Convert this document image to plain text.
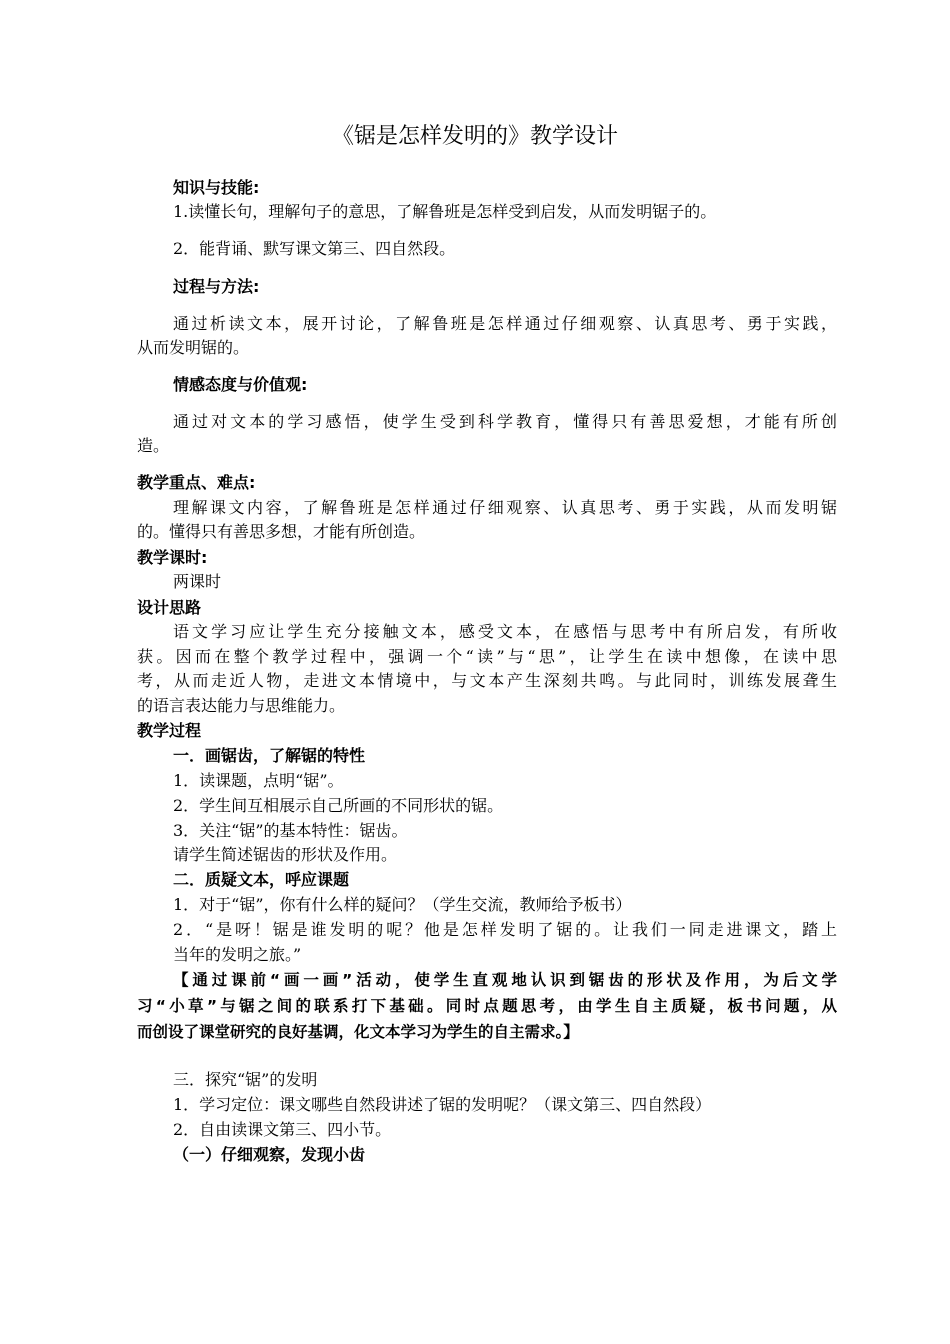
《锯是怎样发明的》教学设计
知识与技能:
1.读懂长句，理解句子的意思，了解鲁班是怎样受到启发，从而发明锯子的。
2．能背诵、默写课文第三、四自然段。
过程与方法:
通过析读文本，展开讨论，了解鲁班是怎样通过仔细观察、认真思考、勇于实践，
从而发明锯的。
情感态度与价值观:
通过对文本的学习感悟，使学生受到科学教育，懂得只有善思爱想，才能有所创
造。
教学重点、难点:
理解课文内容，了解鲁班是怎样通过仔细观察、认真思考、勇于实践，从而发明锯
的。懂得只有善思多想，才能有所创造。
教学课时:
两课时
设计思路
语文学习应让学生充分接触文本，感受文本，在感悟与思考中有所启发，有所收
获。因而在整个教学过程中，强调一个“读”与“思”，让学生在读中想像，在读中思
考，从而走近人物，走进文本情境中，与文本产生深刻共鸣。与此同时，训练发展聋生
的语言表达能力与思维能力。
教学过程
一．画锯齿，了解锯的特性
1．读课题，点明“锯”。
2．学生间互相展示自己所画的不同形状的锯。
3．关注“锯”的基本特性：锯齿。
请学生简述锯齿的形状及作用。
二．质疑文本，呼应课题
1．对于“锯”，你有什么样的疑问？（学生交流，教师给予板书）
2．“是呀！锯是谁发明的呢？他是怎样发明了锯的。让我们一同走进课文，踏上
当年的发明之旅。”
【通过课前“画一画”活动，使学生直观地认识到锯齿的形状及作用，为后文学
习“小草”与锯之间的联系打下基础。同时点题思考，由学生自主质疑，板书问题，从
而创设了课堂研究的良好基调，化文本学习为学生的自主需求。】
三．探究“锯”的发明
1．学习定位：课文哪些自然段讲述了锯的发明呢？（课文第三、四自然段）
2．自由读课文第三、四小节。
（一）仔细观察，发现小齿
